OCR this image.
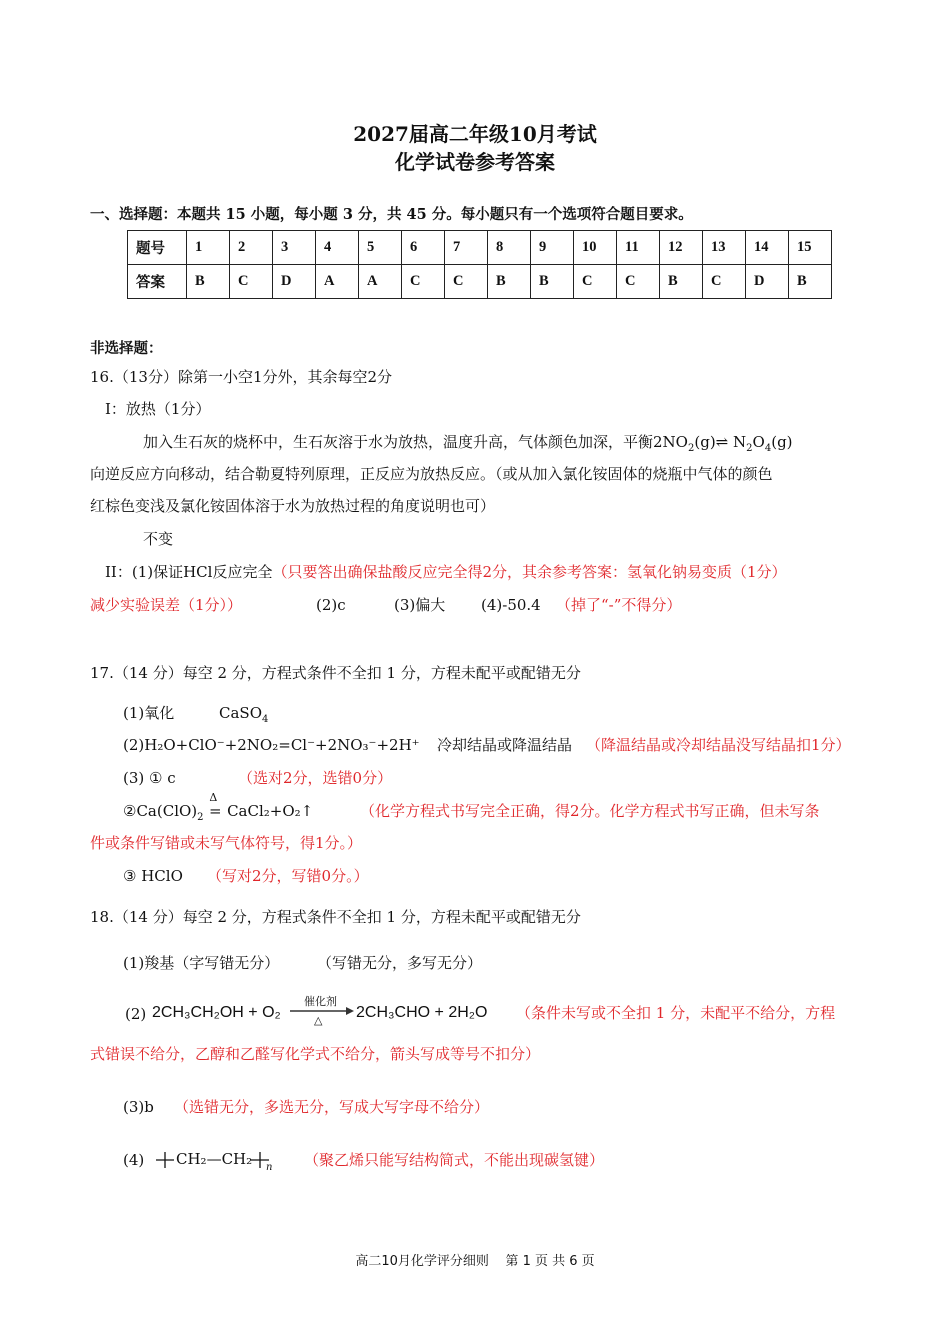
2027届高二年级10月考试
化学试卷参考答案
一、选择题：本题共 15 小题，每小题 3 分，共 45 分。每小题只有一个选项符合题目要求。
题号	1	2	3	4	5	6	7	8	9	10	11	12	13	14	15
答案	B	C	D	A	A	C	C	B	B	C	C	B	C	D	B
非选择题：
16.（13分）除第一小空1分外，其余每空2分
I：放热（1分）
加入生石灰的烧杯中，生石灰溶于水为放热，温度升高，气体颜色加深，平衡$2NO_2(g)\rightleftharpoons$ $N_2O_4(g)$
向逆反应方向移动，结合勒夏特列原理，正反应为放热反应。（或从加入氯化铵固体的烧瓶中气体的颜色
红棕色变浅及氯化铵固体溶于水为放热过程的角度说明也可）
不变
II：(1)保证HCl反应完全（只要答出确保盐酸反应完全得2分，其余参考答案：氢氧化钠易变质（1分）
减少实验误差（1分））	(2)c	(3)偏大 (4)-50.4 （掉了“-”不得分）
17.（14 分）每空 2 分，方程式条件不全扣 1 分，方程未配平或配错无分
(1)氧化	CaSO$_4$
(2)H₂O+ClO⁻+2NO₂=Cl⁻+2NO₃⁻+2H⁺ 冷却结晶或降温结晶 （降温结晶或冷却结晶没写结晶扣1分）
(3) ① c	（选对2分，选错0分）
$②Ca(ClO)_2$
Δ
= CaCl₂+O₂↑	（化学方程式书写完全正确，得2分。化学方程式书写正确，但未写条
件或条件写错或未写气体符号，得1分。）
③ HClO （写对2分，写错0分。）
18.（14 分）每空 2 分，方程式条件不全扣 1 分，方程未配平或配错无分
(1)羧基（字写错无分）	（写错无分，多写无分）
(2) 2CH₃CH₂OH + O₂
催化剂
△ 2CH₃CHO + 2H₂O （条件未写或不全扣 1 分，未配平不给分，方程
式错误不给分，乙醇和乙醛写化学式不给分，箭头写成等号不扣分）
(3)b （选错无分，多选无分，写成大写字母不给分）
(4) CH₂—CH₂ n （聚乙烯只能写结构简式，不能出现碳氢键）
高二10月化学评分细则    第 1 页 共 6 页
